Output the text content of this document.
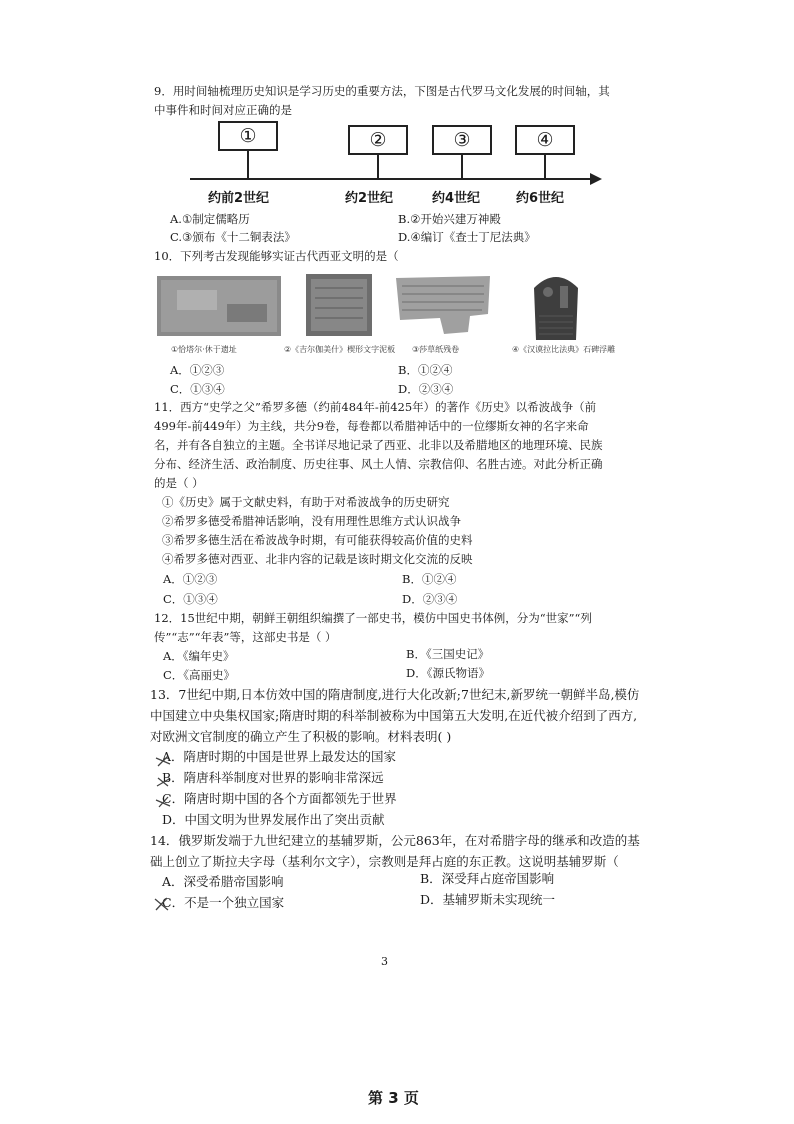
9．用时间轴梳理历史知识是学习历史的重要方法，下图是古代罗马文化发展的时间轴，其
中事件和时间对应正确的是
①	②	③	④
约前2世纪	约2世纪	约4世纪	约6世纪
A.①制定儒略历	B.②开始兴建万神殿
C.③颁布《十二铜表法》	D.④编订《查士丁尼法典》
10．下列考古发现能够实证古代西亚文明的是（
①恰塔尔·休于遗址	②《吉尔伽美什》楔形文字泥板 ③莎草纸残卷	④《汉谟拉比法典》石碑浮雕
A．①②③	B．①②④
C．①③④	D．②③④
11．西方“史学之父”希罗多德（约前484年-前425年）的著作《历史》以希波战争（前
499年-前449年）为主线，共分9卷，每卷都以希腊神话中的一位缪斯女神的名字来命
名，并有各自独立的主题。全书详尽地记录了西亚、北非以及希腊地区的地理环境、民族
分布、经济生活、政治制度、历史往事、风土人情、宗教信仰、名胜古迹。对此分析正确
的是（ ）
①《历史》属于文献史料，有助于对希波战争的历史研究
②希罗多德受希腊神话影响，没有用理性思维方式认识战争
③希罗多德生活在希波战争时期，有可能获得较高价值的史料
④希罗多德对西亚、北非内容的记载是该时期文化交流的反映
A．①②③	B．①②④
C．①③④	D．②③④
12．15世纪中期，朝鲜王朝组织编撰了一部史书，模仿中国史书体例，分为“世家”“列
传”“志”“年表”等，这部史书是（ ）
A．《编年史》	B．《三国史记》
C．《高丽史》	D．《源氏物语》
13．7世纪中期,日本仿效中国的隋唐制度,进行大化改新;7世纪末,新罗统一朝鲜半岛,模仿
中国建立中央集权国家;隋唐时期的科举制被称为中国第五大发明,在近代被介绍到了西方,
对欧洲文官制度的确立产生了积极的影响。材料表明( )
A．隋唐时期的中国是世界上最发达的国家
B．隋唐科举制度对世界的影响非常深远
C．隋唐时期中国的各个方面都领先于世界
D．中国文明为世界发展作出了突出贡献
14．俄罗斯发端于九世纪建立的基辅罗斯，公元863年，在对希腊字母的继承和改造的基
础上创立了斯拉夫字母（基利尔文字），宗教则是拜占庭的东正教。这说明基辅罗斯（
A．深受希腊帝国影响	B．深受拜占庭帝国影响
C．不是一个独立国家	D．基辅罗斯未实现统一
3
第 3 页
